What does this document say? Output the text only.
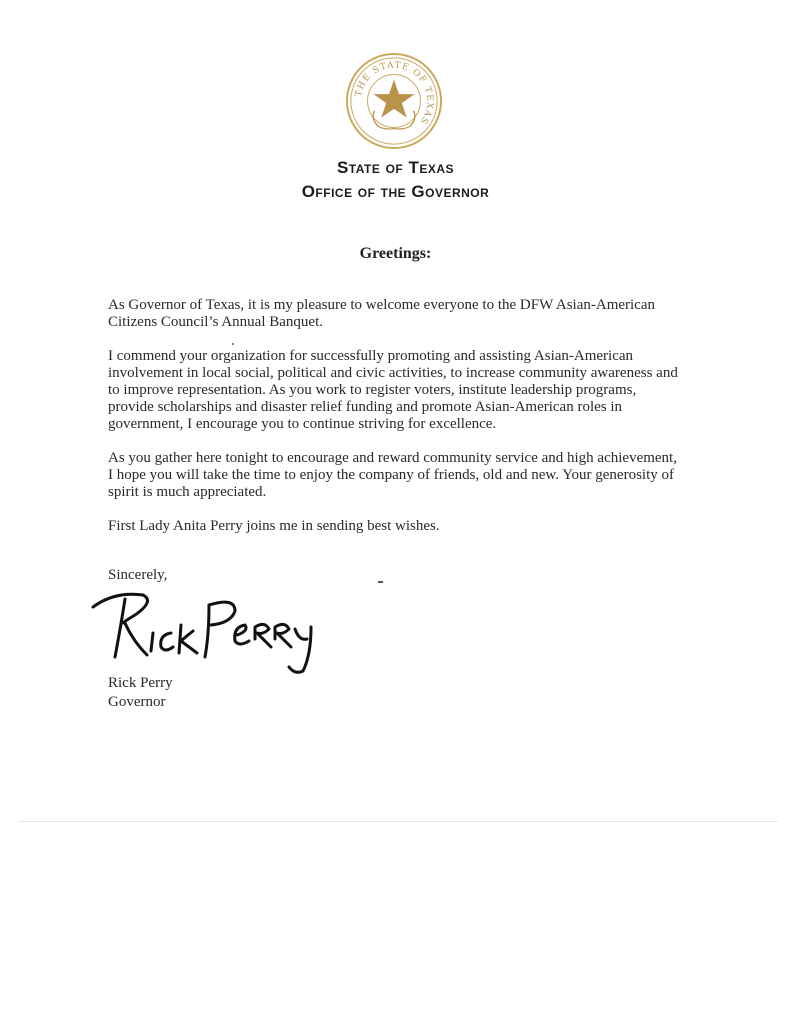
THE STATE OF TEXAS
State of Texas
Office of the Governor
Greetings:

As Governor of Texas, it is my pleasure to welcome everyone to the DFW Asian-American Citizens Council’s Annual Banquet.

I commend your organization for successfully promoting and assisting Asian-American involvement in local social, political and civic activities, to increase community awareness and to improve representation. As you work to register voters, institute leadership programs, provide scholarships and disaster relief funding and promote Asian-American roles in government, I encourage you to continue striving for excellence.

As you gather here tonight to encourage and reward community service and high achievement, I hope you will take the time to enjoy the company of friends, old and new. Your generosity of spirit is much appreciated.

First Lady Anita Perry joins me in sending best wishes.

Sincerely,
Rick Perry
Governor
